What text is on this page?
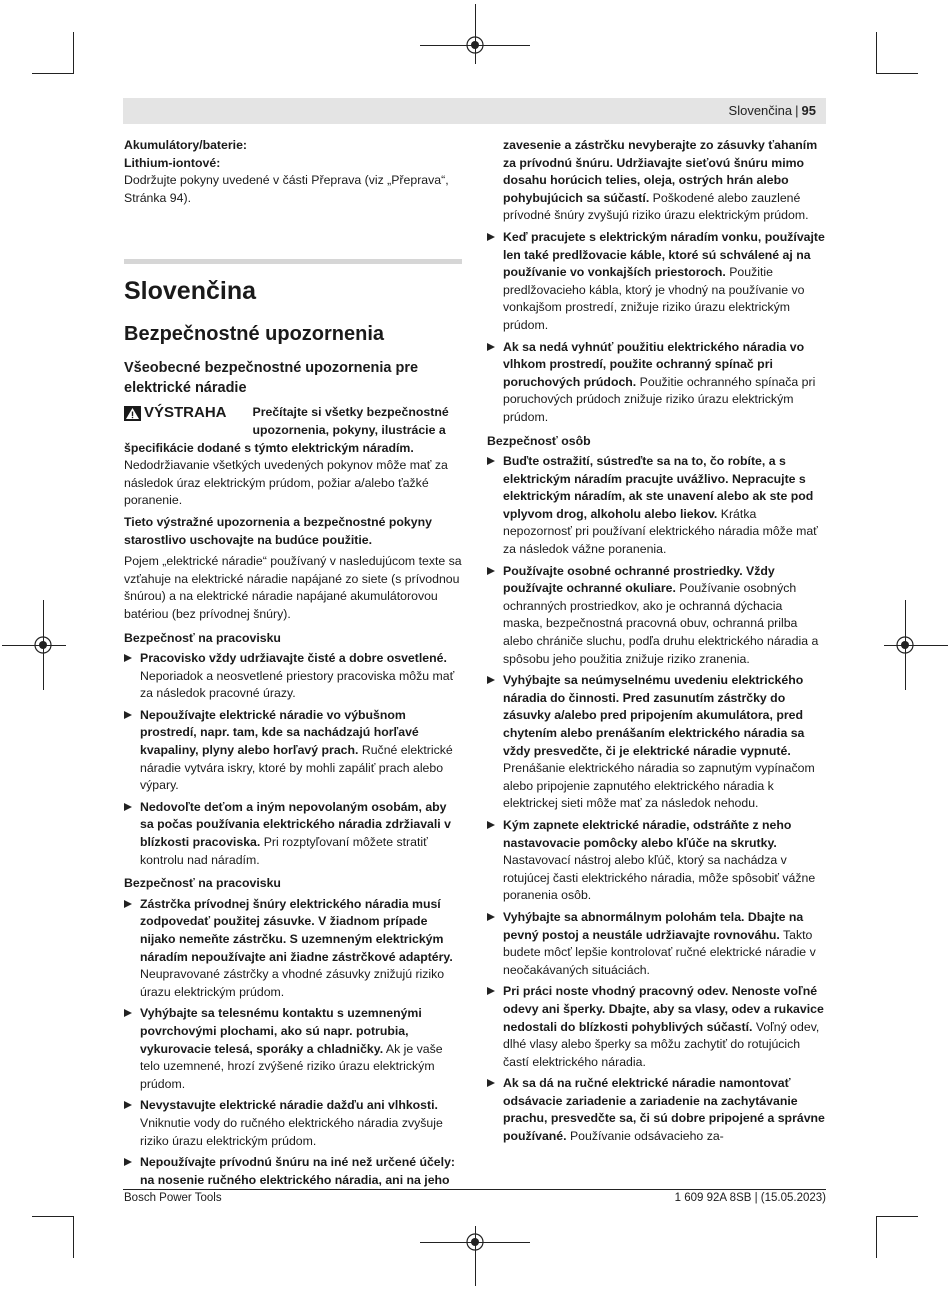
Slovenčina | 95
Akumulátory/baterie:
Lithium-iontové:
Dodržujte pokyny uvedené v části Přeprava (viz „Přeprava“, Stránka 94).
Slovenčina
Bezpečnostné upozornenia
Všeobecné bezpečnostné upozornenia pre elektrické náradie
VÝSTRAHA Prečítajte si všetky bezpečnostné upozornenia, pokyny, ilustrácie a špecifikácie dodané s týmto elektrickým náradím.
Nedodržiavanie všetkých uvedených pokynov môže mať za následok úraz elektrickým prúdom, požiar a/alebo ťažké poranenie.
Tieto výstražné upozornenia a bezpečnostné pokyny starostlivo uschovajte na budúce použitie.
Pojem „elektrické náradie“ používaný v nasledujúcom texte sa vzťahuje na elektrické náradie napájané zo siete (s prívodnou šnúrou) a na elektrické náradie napájané akumulátorovou batériou (bez prívodnej šnúry).
Bezpečnosť na pracovisku
Pracovisko vždy udržiavajte čisté a dobre osvetlené. Neporiadok a neosvetlené priestory pracoviska môžu mať za následok pracovné úrazy.
Nepoužívajte elektrické náradie vo výbušnom prostredí, napr. tam, kde sa nachádzajú horľavé kvapaliny, plyny alebo horľavý prach. Ručné elektrické náradie vytvára iskry, ktoré by mohli zapáliť prach alebo výpary.
Nedovoľte deťom a iným nepovolaným osobám, aby sa počas používania elektrického náradia zdržiavali v blízkosti pracoviska. Pri rozptyľovaní môžete stratiť kontrolu nad náradím.
Bezpečnosť na pracovisku
Zástrčka prívodnej šnúry elektrického náradia musí zodpovedať použitej zásuvke. V žiadnom prípade nijako nemeňte zástrčku. S uzemneným elektrickým náradím nepoužívajte ani žiadne zástrčkové adaptéry. Neupravované zástrčky a vhodné zásuvky znižujú riziko úrazu elektrickým prúdom.
Vyhýbajte sa telesnému kontaktu s uzemnenými povrchovými plochami, ako sú napr. potrubia, vykurovacie telesá, sporáky a chladničky. Ak je vaše telo uzemnené, hrozí zvýšené riziko úrazu elektrickým prúdom.
Nevystavujte elektrické náradie dažďu ani vlhkosti. Vniknutie vody do ručného elektrického náradia zvyšuje riziko úrazu elektrickým prúdom.
Nepoužívajte prívodnú šnúru na iné než určené účely: na nosenie ručného elektrického náradia, ani na jeho
zavesenie a zástrčku nevyberajte zo zásuvky ťahaním za prívodnú šnúru. Udržiavajte sieťovú šnúru mimo dosahu horúcich telies, oleja, ostrých hrán alebo pohybujúcich sa súčastí. Poškodené alebo zauzlené prívodné šnúry zvyšujú riziko úrazu elektrickým prúdom.
Keď pracujete s elektrickým náradím vonku, používajte len také predlžovacie káble, ktoré sú schválené aj na používanie vo vonkajších priestoroch. Použitie predlžovacieho kábla, ktorý je vhodný na používanie vo vonkajšom prostredí, znižuje riziko úrazu elektrickým prúdom.
Ak sa nedá vyhnúť použitiu elektrického náradia vo vlhkom prostredí, použite ochranný spínač pri poruchových prúdoch. Použitie ochranného spínača pri poruchových prúdoch znižuje riziko úrazu elektrickým prúdom.
Bezpečnosť osôb
Buďte ostražití, sústreďte sa na to, čo robíte, a s elektrickým náradím pracujte uvážlivo. Nepracujte s elektrickým náradím, ak ste unavení alebo ak ste pod vplyvom drog, alkoholu alebo liekov. Krátka nepozornosť pri používaní elektrického náradia môže mať za následok vážne poranenia.
Používajte osobné ochranné prostriedky. Vždy používajte ochranné okuliare. Používanie osobných ochranných prostriedkov, ako je ochranná dýchacia maska, bezpečnostná pracovná obuv, ochranná prilba alebo chrániče sluchu, podľa druhu elektrického náradia a spôsobu jeho použitia znižuje riziko zranenia.
Vyhýbajte sa neúmyselnému uvedeniu elektrického náradia do činnosti. Pred zasunutím zástrčky do zásuvky a/alebo pred pripojením akumulátora, pred chytením alebo prenášaním elektrického náradia sa vždy presvedčte, či je elektrické náradie vypnuté. Prenášanie elektrického náradia so zapnutým vypínačom alebo pripojenie zapnutého elektrického náradia k elektrickej sieti môže mať za následok nehodu.
Kým zapnete elektrické náradie, odstráňte z neho nastavovacie pomôcky alebo kľúče na skrutky. Nastavovací nástroj alebo kľúč, ktorý sa nachádza v rotujúcej časti elektrického náradia, môže spôsobiť vážne poranenia osôb.
Vyhýbajte sa abnormálnym polohám tela. Dbajte na pevný postoj a neustále udržiavajte rovnováhu. Takto budete môcť lepšie kontrolovať ručné elektrické náradie v neočakávaných situáciách.
Pri práci noste vhodný pracovný odev. Nenoste voľné odevy ani šperky. Dbajte, aby sa vlasy, odev a rukavice nedostali do blízkosti pohyblivých súčastí. Voľný odev, dlhé vlasy alebo šperky sa môžu zachytiť do rotujúcich častí elektrického náradia.
Ak sa dá na ručné elektrické náradie namontovať odsávacie zariadenie a zariadenie na zachytávanie prachu, presvedčte sa, či sú dobre pripojené a správne používané. Používanie odsávacieho za-
Bosch Power Tools	1 609 92A 8SB | (15.05.2023)
